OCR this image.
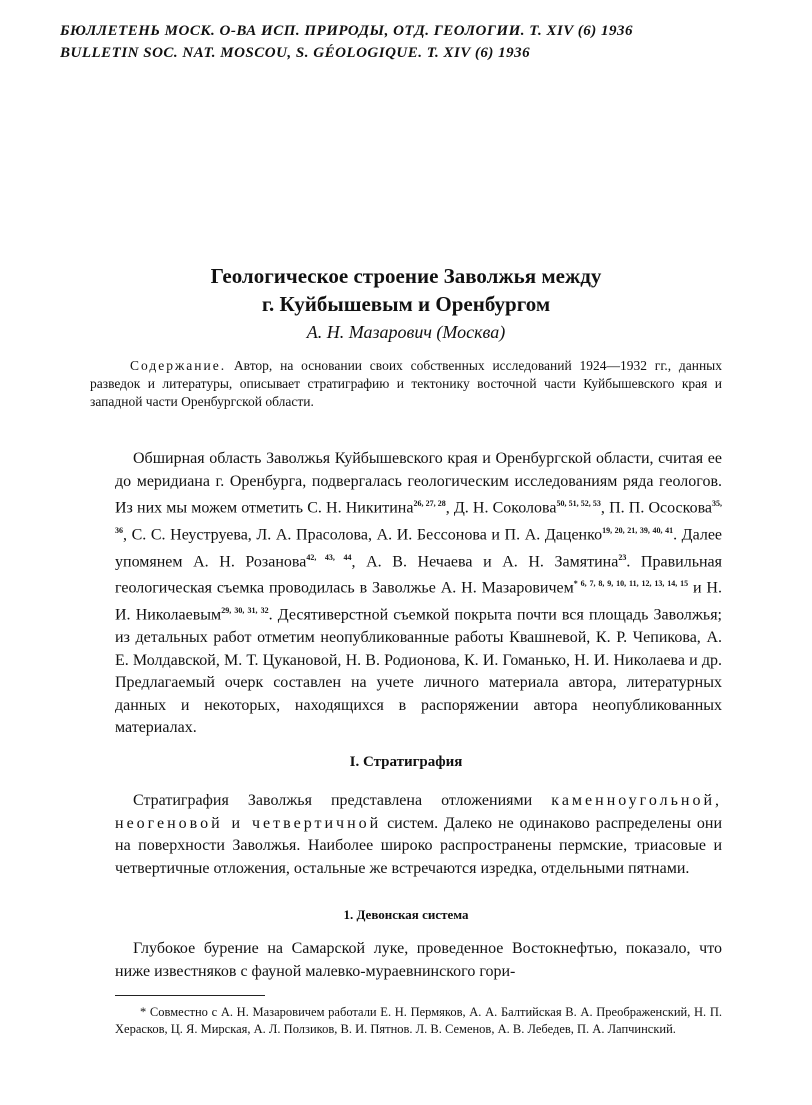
БЮЛЛЕТЕНЬ МОСК. О-ВА ИСП. ПРИРОДЫ, ОТД. ГЕОЛОГИИ. Т. XIV (6) 1936
BULLETIN SOC. NAT. MOSCOU, S. GÉOLOGIQUE. T. XIV (6) 1936
Геологическое строение Заволжья между
г. Куйбышевым и Оренбургом
А. Н. Мазарович (Москва)
Содержание. Автор, на основании своих собственных исследований 1924—1932 гг., данных разведок и литературы, описывает стратиграфию и тектонику восточной части Куйбышевского края и западной части Оренбургской области.
Обширная область Заволжья Куйбышевского края и Оренбургской области, считая ее до меридиана г. Оренбурга, подвергалась геологическим исследованиям ряда геологов. Из них мы можем отметить С. Н. Никитина$^{26, 27, 28}$, Д. Н. Соколова$^{50, 51, 52, 53}$, П. П. Ососкова$^{35, 36}$, С. С. Неуструева, Л. А. Прасолова, А. И. Бессонова и П. А. Даценко$^{19, 20, 21, 39, 40, 41}$. Далее упомянем А. Н. Розанова$^{42, 43, 44}$, А. В. Нечаева и А. Н. Замятина$^{23}$. Правильная геологическая съемка проводилась в Заволжье А. Н. Мазаровичем$^{* 6, 7, 8, 9, 10, 11, 12, 13, 14, 15}$ и Н. И. Николаевым$^{29, 30, 31, 32}$. Десятиверстной съемкой покрыта почти вся площадь Заволжья; из детальных работ отметим неопубликованные работы Квашневой, К. Р. Чепикова, А. Е. Молдавской, М. Т. Цукановой, Н. В. Родионова, К. И. Гоманько, Н. И. Николаева и др. Предлагаемый очерк составлен на учете личного материала автора, литературных данных и некоторых, находящихся в распоряжении автора неопубликованных материалах.
I. Стратиграфия
Стратиграфия Заволжья представлена отложениями каменноугольной, неогеновой и четвертичной систем. Далеко не одинаково распределены они на поверхности Заволжья. Наиболее широко распространены пермские, триасовые и четвертичные отложения, остальные же встречаются изредка, отдельными пятнами.
1. Девонская система
Глубокое бурение на Самарской луке, проведенное Востокнефтью, показало, что ниже известняков с фауной малевко-мураевнинского гори-
* Совместно с А. Н. Мазаровичем работали Е. Н. Пермяков, А. А. Балтийская В. А. Преображенский, Н. П. Херасков, Ц. Я. Мирская, А. Л. Ползиков, В. И. Пятнов. Л. В. Семенов, А. В. Лебедев, П. А. Лапчинский.
